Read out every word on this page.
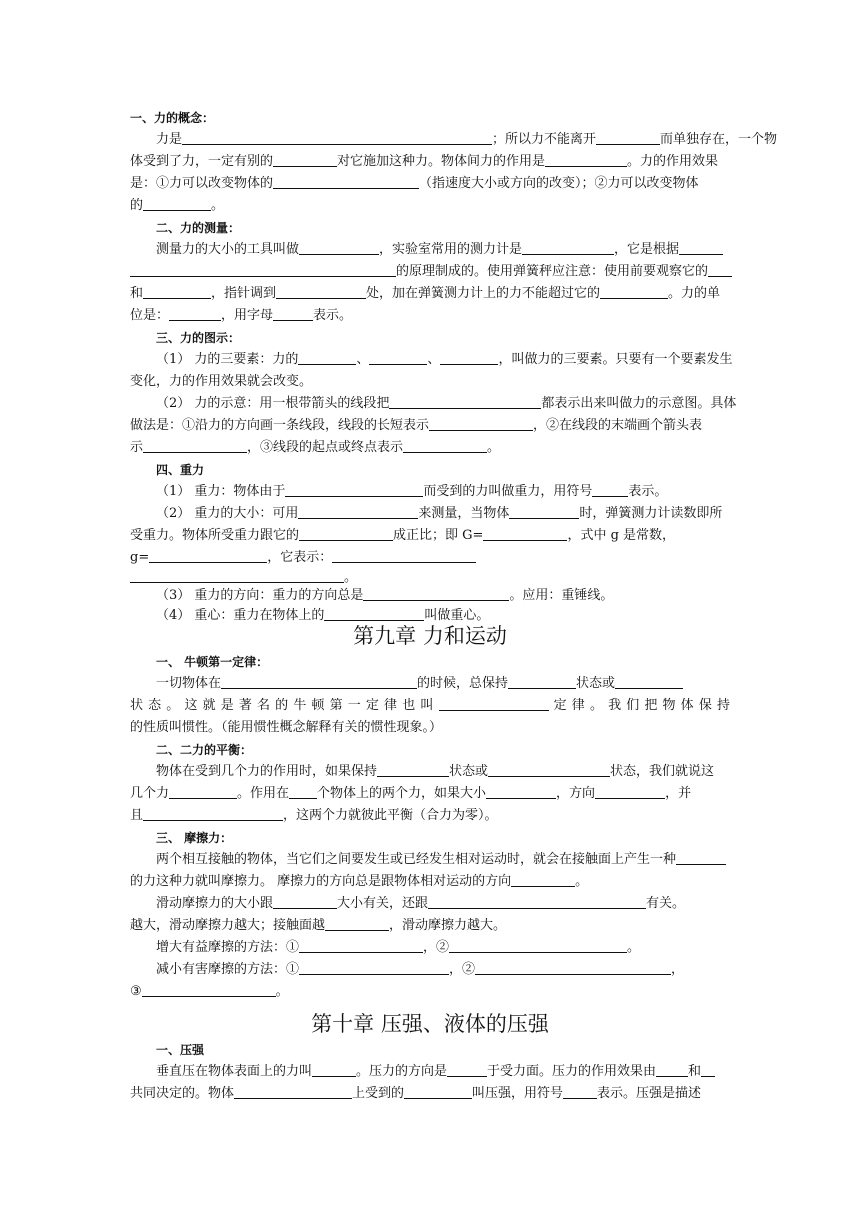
一、力的概念：
力是	；所以力不能离开	而单独存在，一个物
体受到了力，一定有别的	对它施加这种力。物体间力的作用是	。力的作用效果
是：①力可以改变物体的	（指速度大小或方向的改变）；②力可以改变物体
的	。
二、力的测量：
测量力的大小的工具叫做	，实验室常用的测力计是	，它是根据
的原理制成的。使用弹簧秤应注意：使用前要观察它的
和	，指针调到	处，加在弹簧测力计上的力不能超过它的	。力的单
位是：	，用字母	表示。
三、力的图示：
（1） 力的三要素：力的	、	、	，叫做力的三要素。只要有一个要素发生
变化，力的作用效果就会改变。
（2） 力的示意：用一根带箭头的线段把	都表示出来叫做力的示意图。具体
做法是：①沿力的方向画一条线段，线段的长短表示	，②在线段的末端画个箭头表
示	，③线段的起点或终点表示	。
四、重力
（1） 重力：物体由于	而受到的力叫做重力，用符号	表示。
（2） 重力的大小：可用	来测量，当物体	时，弹簧测力计读数即所
受重力。物体所受重力跟它的	成正比；即 G=	，式中 g 是常数，
g=	，它表示：
。
（3） 重力的方向：重力的方向总是	。应用：重锤线。
（4） 重心：重力在物体上的	叫做重心。
第九章 力和运动
一、 牛顿第一定律：
一切物体在	的时候，总保持	状态或
状态。这就是著名的牛顿第一定律也叫	定律。我们把物体保持
的性质叫惯性。（能用惯性概念解释有关的惯性现象。）
二、二力的平衡：
物体在受到几个力的作用时，如果保持	状态或	状态，我们就说这
几个力	。作用在 个物体上的两个力，如果大小	，方向	，并
且	，这两个力就彼此平衡（合力为零）。
三、 摩擦力：
两个相互接触的物体，当它们之间要发生或已经发生相对运动时，就会在接触面上产生一种
的力这种力就叫摩擦力。 摩擦力的方向总是跟物体相对运动的方向	。
滑动摩擦力的大小跟	大小有关，还跟	有关。
越大，滑动摩擦力越大；接触面越	，滑动摩擦力越大。
增大有益摩擦的方法：①	，②	。
减小有害摩擦的方法：①	，②	，
③	。
第十章 压强、液体的压强
一、压强
垂直压在物体表面上的力叫	。压力的方向是	于受力面。压力的作用效果由 和
共同决定的。物体	上受到的	叫压强，用符号	表示。压强是描述
